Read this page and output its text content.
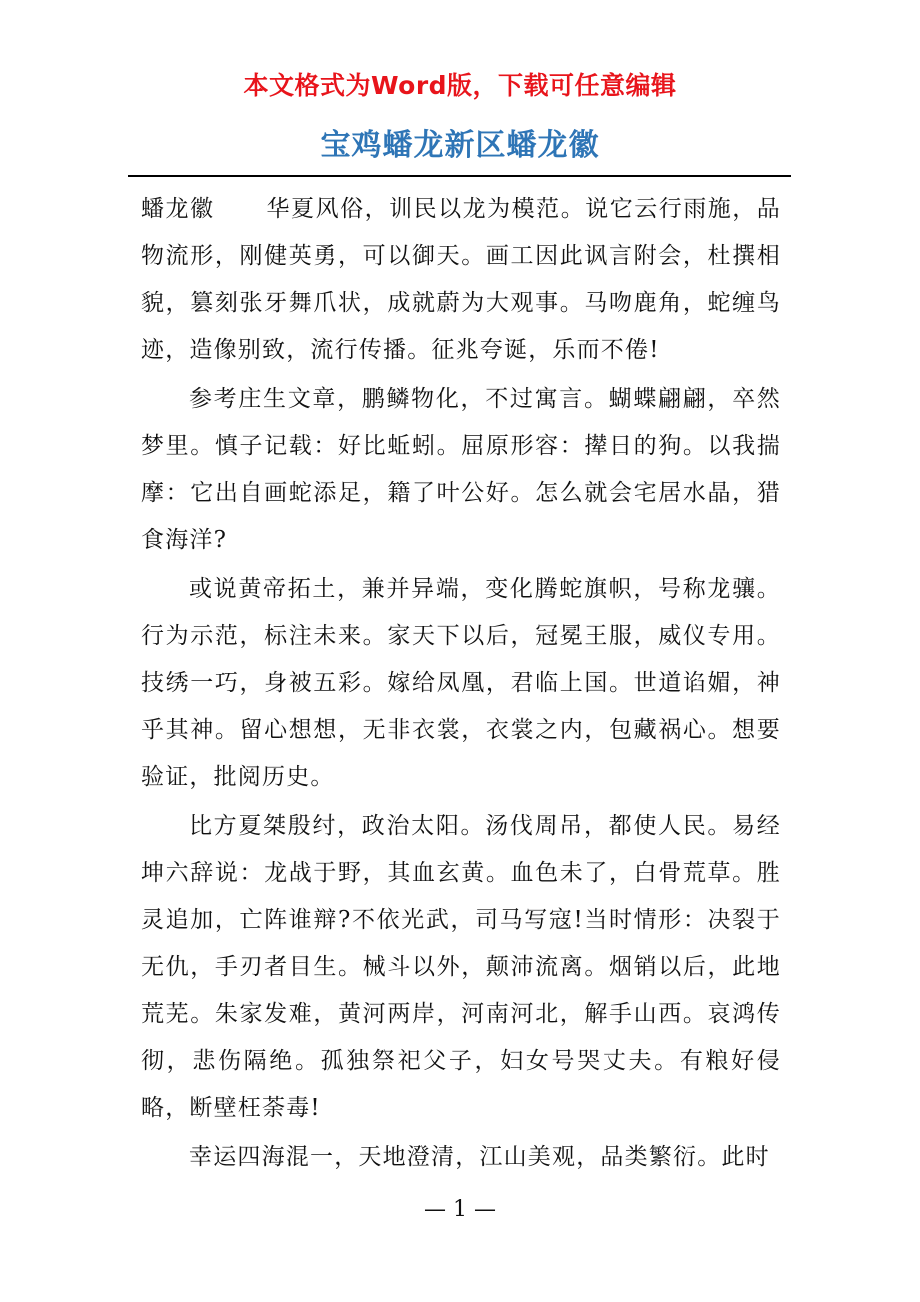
本文格式为Word版，下载可任意编辑
宝鸡蟠龙新区蟠龙徽

蟠龙徽 华夏风俗，训民以龙为模范。说它云行雨施，品物流形，刚健英勇，可以御天。画工因此讽言附会，杜撰相貌，篡刻张牙舞爪状，成就蔚为大观事。马吻鹿角，蛇缠鸟迹，造像别致，流行传播。征兆夸诞，乐而不倦!

参考庄生文章，鹏鳞物化，不过寓言。蝴蝶翩翩，卒然梦里。慎子记载：好比蚯蚓。屈原形容：撵日的狗。以我揣摩：它出自画蛇添足，籍了叶公好。怎么就会宅居水晶，猎食海洋?

或说黄帝拓土，兼并异端，变化腾蛇旗帜，号称龙骧。行为示范，标注未来。家天下以后，冠冕王服，威仪专用。技绣一巧，身被五彩。嫁给凤凰，君临上国。世道谄媚，神乎其神。留心想想，无非衣裳，衣裳之内，包藏祸心。想要验证，批阅历史。

比方夏桀殷纣，政治太阳。汤伐周吊，都使人民。易经坤六辞说：龙战于野，其血玄黄。血色未了，白骨荒草。胜灵追加，亡阵谁辩?不依光武，司马写寇!当时情形：决裂于无仇，手刃者目生。械斗以外，颠沛流离。烟销以后，此地荒芜。朱家发难，黄河两岸，河南河北，解手山西。哀鸿传彻，悲伤隔绝。孤独祭祀父子，妇女号哭丈夫。有粮好侵略，断壁枉荼毒!

幸运四海混一，天地澄清，江山美观，品类繁衍。此时

— 1 —
